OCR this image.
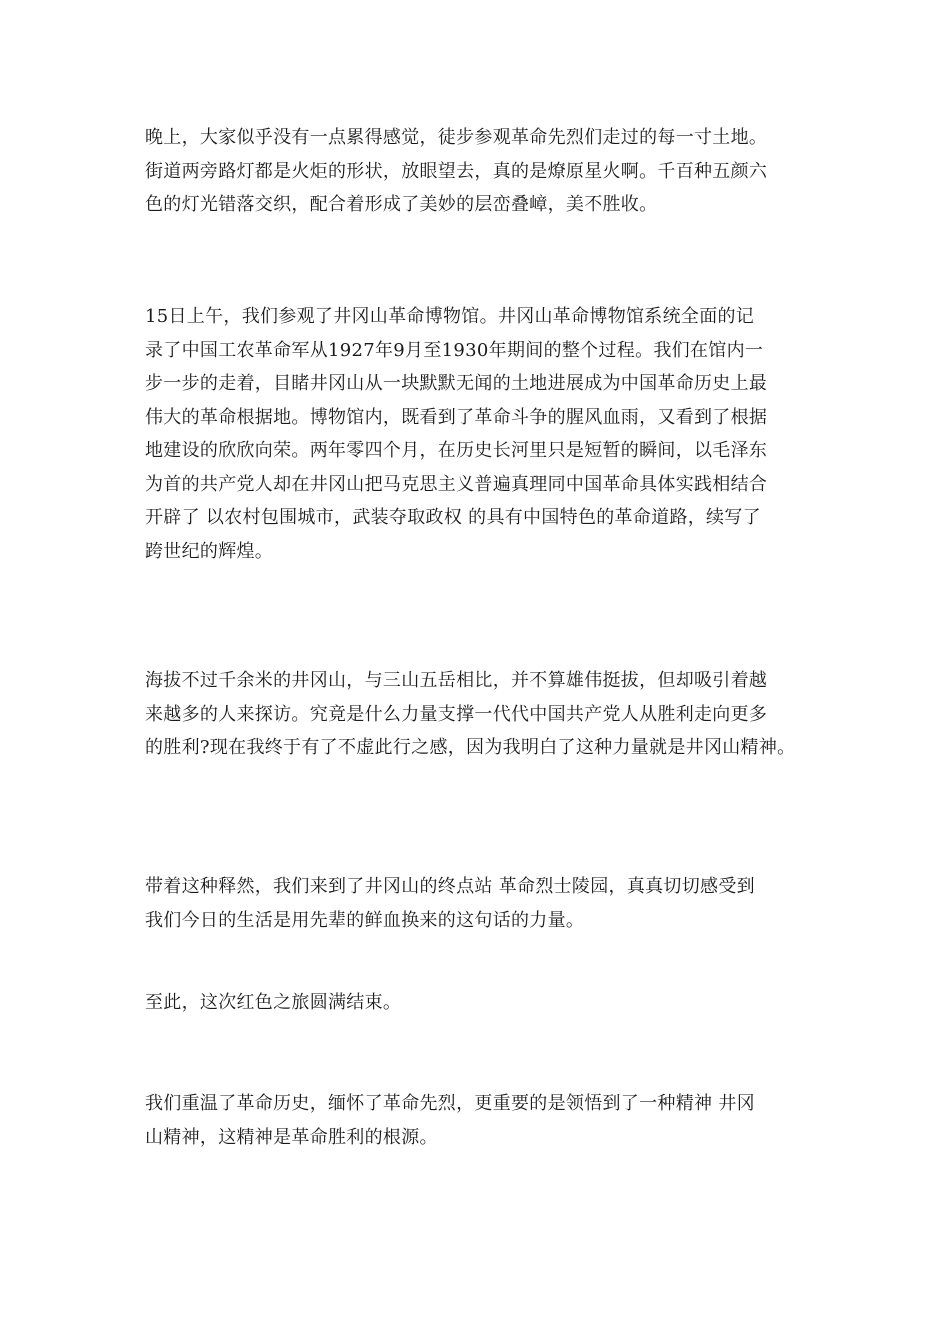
晚上，大家似乎没有一点累得感觉，徒步参观革命先烈们走过的每一寸土地。
街道两旁路灯都是火炬的形状，放眼望去，真的是燎原星火啊。千百种五颜六
色的灯光错落交织，配合着形成了美妙的层峦叠嶂，美不胜收。
15日上午，我们参观了井冈山革命博物馆。井冈山革命博物馆系统全面的记
录了中国工农革命军从1927年9月至1930年期间的整个过程。我们在馆内一
步一步的走着，目睹井冈山从一块默默无闻的土地进展成为中国革命历史上最
伟大的革命根据地。博物馆内，既看到了革命斗争的腥风血雨，又看到了根据
地建设的欣欣向荣。两年零四个月，在历史长河里只是短暂的瞬间，以毛泽东
为首的共产党人却在井冈山把马克思主义普遍真理同中国革命具体实践相结合
开辟了 以农村包围城市，武装夺取政权 的具有中国特色的革命道路，续写了
跨世纪的辉煌。
海拔不过千余米的井冈山，与三山五岳相比，并不算雄伟挺拔，但却吸引着越
来越多的人来探访。究竟是什么力量支撑一代代中国共产党人从胜利走向更多
的胜利?现在我终于有了不虚此行之感，因为我明白了这种力量就是井冈山精神。
带着这种释然，我们来到了井冈山的终点站 革命烈士陵园，真真切切感受到
我们今日的生活是用先辈的鲜血换来的这句话的力量。
至此，这次红色之旅圆满结束。
我们重温了革命历史，缅怀了革命先烈，更重要的是领悟到了一种精神 井冈
山精神，这精神是革命胜利的根源。
